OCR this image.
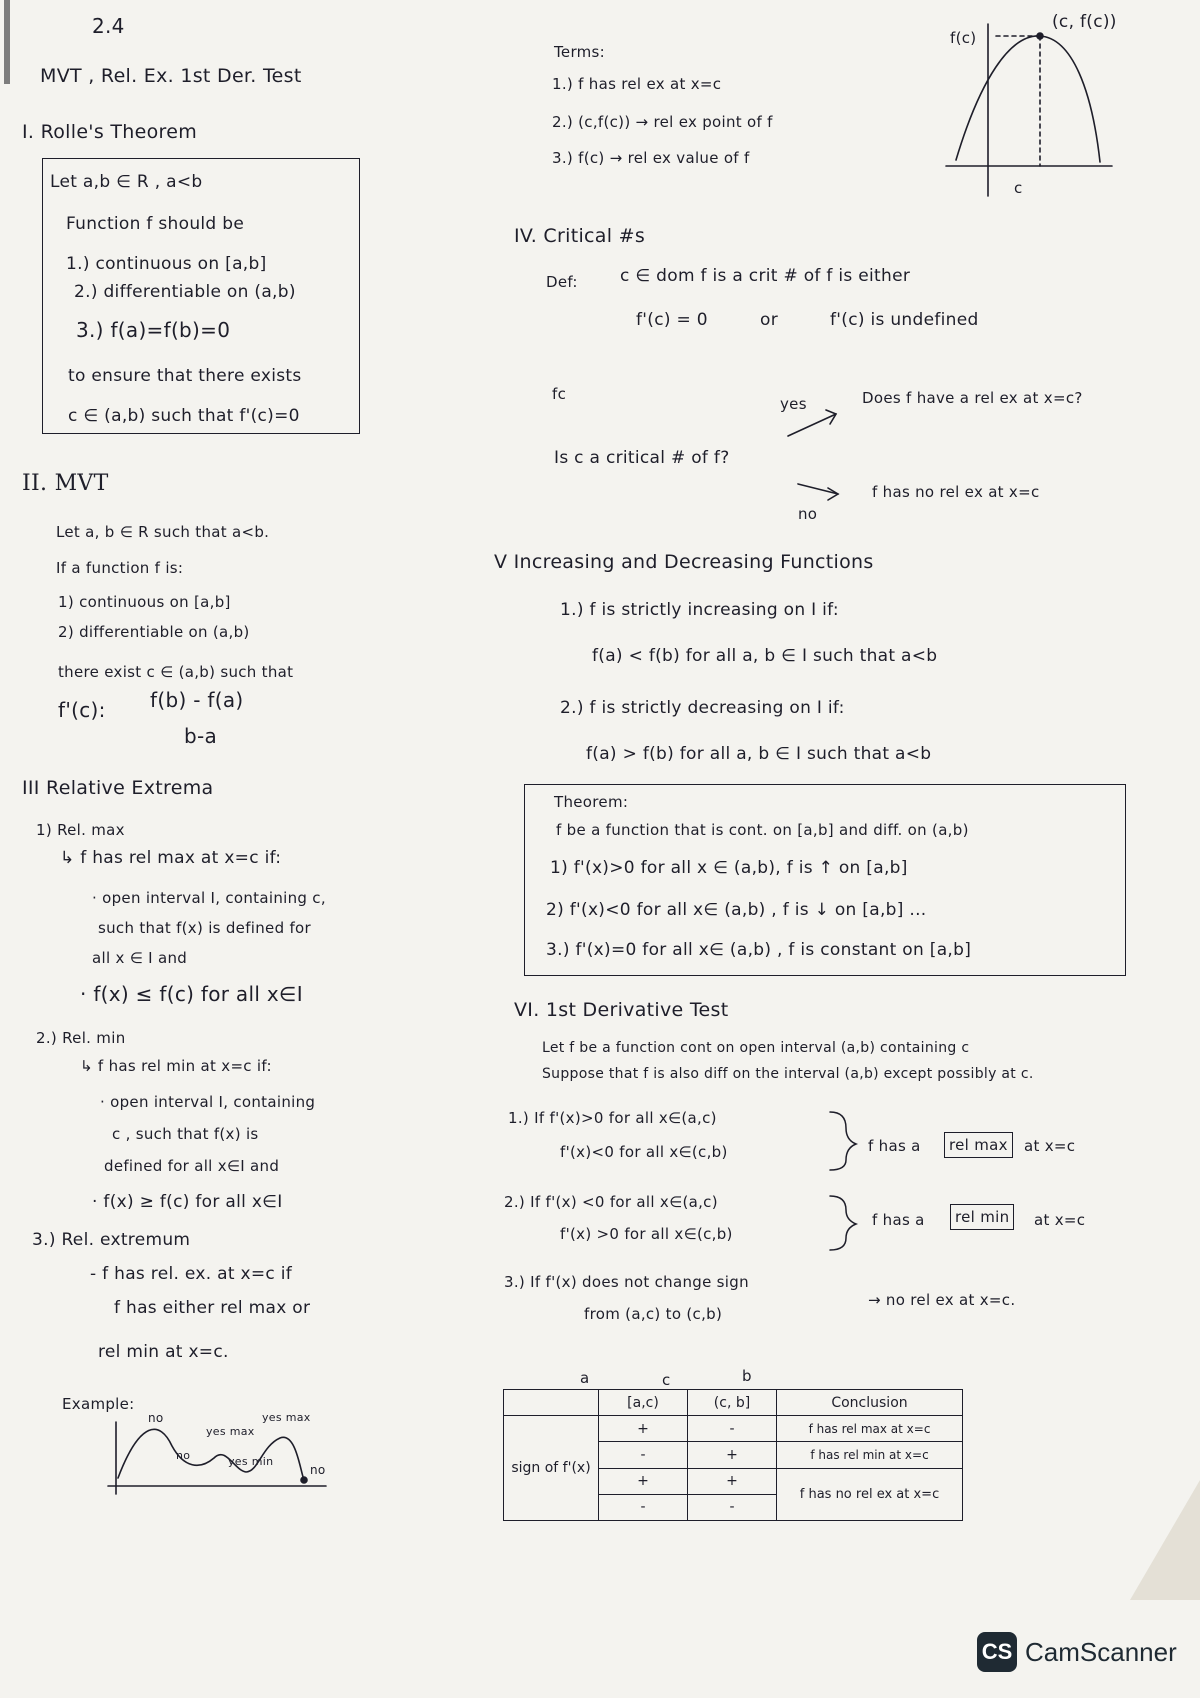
2.4
MVT , Rel. Ex. 1st Der. Test
I. Rolle's Theorem
Let a,b ∈ R , a<b
Function f should be
1.) continuous on [a,b]
2.) differentiable on (a,b)
3.) f(a)=f(b)=0
to ensure that there exists
c ∈ (a,b) such that f'(c)=0
II. MVT
Let a, b ∈ R such that a<b.
If a function f is:
1) continuous on [a,b]
2) differentiable on (a,b)
there exist c ∈ (a,b) such that
f'(c): f(b) - f(a)
b-a
III Relative Extrema
1) Rel. max
↳ f has rel max at x=c if:
· open interval I, containing c,
such that f(x) is defined for
all x ∈ I and
· f(x) ≤ f(c) for all x∈I
2.) Rel. min
↳ f has rel min at x=c if:
· open interval I, containing
c , such that f(x) is
defined for all x∈I and
· f(x) ≥ f(c) for all x∈I
3.) Rel. extremum
- f has rel. ex. at x=c if
f has either rel max or
rel min at x=c.
Example:
no
yes max
no	yes min
yes max
no
Terms:
1.) f has rel ex at x=c
2.) (c,f(c)) → rel ex point of f
3.) f(c) → rel ex value of f
f(c)
(c, f(c))
c
IV. Critical #s
Def: c ∈ dom f is a crit # of f is either
f'(c) = 0	or	f'(c) is undefined
fc
yes	Does f have a rel ex at x=c?
Is c a critical # of f?
no
f has no rel ex at x=c
V Increasing and Decreasing Functions
1.) f is strictly increasing on I if:
f(a) < f(b) for all a, b ∈ I such that a<b
2.) f is strictly decreasing on I if:
f(a) > f(b) for all a, b ∈ I such that a<b
Theorem:
f be a function that is cont. on [a,b] and diff. on (a,b)
1) f'(x)>0 for all x ∈ (a,b), f is ↑ on [a,b]
2) f'(x)<0 for all x∈ (a,b) , f is ↓ on [a,b] ...
3.) f'(x)=0 for all x∈ (a,b) , f is constant on [a,b]
VI. 1st Derivative Test
Let f be a function cont on open interval (a,b) containing c
Suppose that f is also diff on the interval (a,b) except possibly at c.
1.) If f'(x)>0 for all x∈(a,c)
f'(x)<0 for all x∈(c,b)	f has a	rel max	at x=c
2.) If f'(x) <0 for all x∈(a,c)
f'(x) >0 for all x∈(c,b)
f has a	rel min	at x=c
3.) If f'(x) does not change sign
from (a,c) to (c,b)
→ no rel ex at x=c.
a	c	b
	[a,c)	(c, b]	Conclusion
sign of f'(x)	+	-	f has rel max at x=c
	-	+	f has rel min at x=c
	+	+	f has no rel ex at x=c
	-	-	
CS CamScanner
